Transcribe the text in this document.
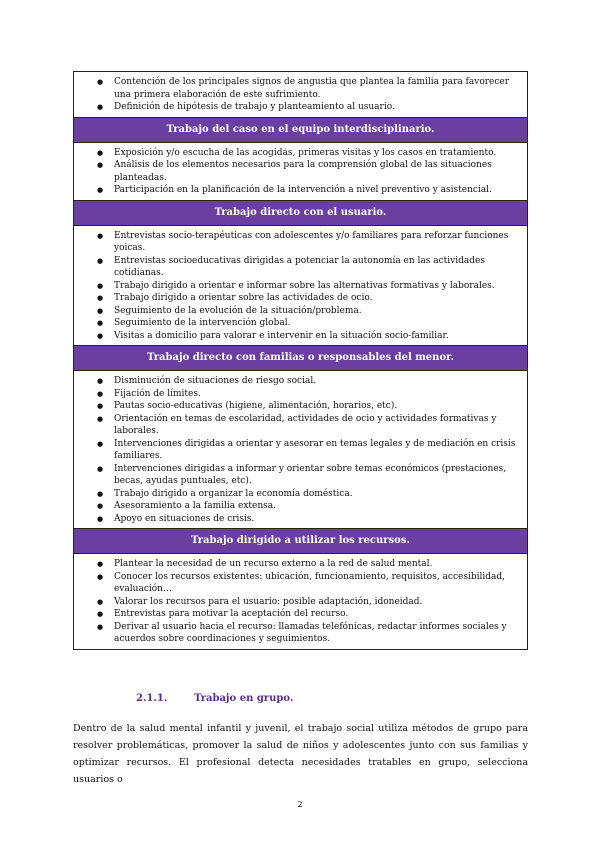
● Contención de los principales signos de angustia que plantea la familia para favorecer una primera elaboración de este sufrimiento.
● Definición de hipótesis de trabajo y planteamiento al usuario.
Trabajo del caso en el equipo interdisciplinario.
● Exposición y/o escucha de las acogidas, primeras visitas y los casos en tratamiento.
● Análisis de los elementos necesarios para la comprensión global de las situaciones planteadas.
● Participación en la planificación de la intervención a nivel preventivo y asistencial.
Trabajo directo con el usuario.
● Entrevistas socio-terapéuticas con adolescentes y/o familiares para reforzar funciones yoicas.
● Entrevistas socioeducativas dirigidas a potenciar la autonomía en las actividades cotidianas.
● Trabajo dirigido a orientar e informar sobre las alternativas formativas y laborales.
● Trabajo dirigido a orientar sobre las actividades de ocio.
● Seguimiento de la evolución de la situación/problema.
● Seguimiento de la intervención global.
● Visitas a domicilio para valorar e intervenir en la situación socio-familiar.
Trabajo directo con familias o responsables del menor.
● Disminución de situaciones de riesgo social.
● Fijación de límites.
● Pautas socio-educativas (higiene, alimentación, horarios, etc).
● Orientación en temas de escolaridad, actividades de ocio y actividades formativas y laborales.
● Intervenciones dirigidas a orientar y asesorar en temas legales y de mediación en crisis familiares.
● Intervenciones dirigidas a informar y orientar sobre temas económicos (prestaciones, becas, ayudas puntuales, etc).
● Trabajo dirigido a organizar la economía doméstica.
● Asesoramiento a la familia extensa.
● Apoyo en situaciones de crisis.
Trabajo dirigido a utilizar los recursos.
● Plantear la necesidad de un recurso externo a la red de salud mental.
● Conocer los recursos existentes: ubicación, funcionamiento, requisitos, accesibilidad, evaluación…
● Valorar los recursos para el usuario: posible adaptación, idoneidad.
● Entrevistas para motivar la aceptación del recurso.
● Derivar al usuario hacia el recurso: llamadas telefónicas, redactar informes sociales y acuerdos sobre coordinaciones y seguimientos.
2.1.1.	Trabajo en grupo.
Dentro de la salud mental infantil y juvenil, el trabajo social utiliza métodos de grupo para resolver problemáticas, promover la salud de niños y adolescentes junto con sus familias y optimizar recursos. El profesional detecta necesidades tratables en grupo, selecciona usuarios o
2
